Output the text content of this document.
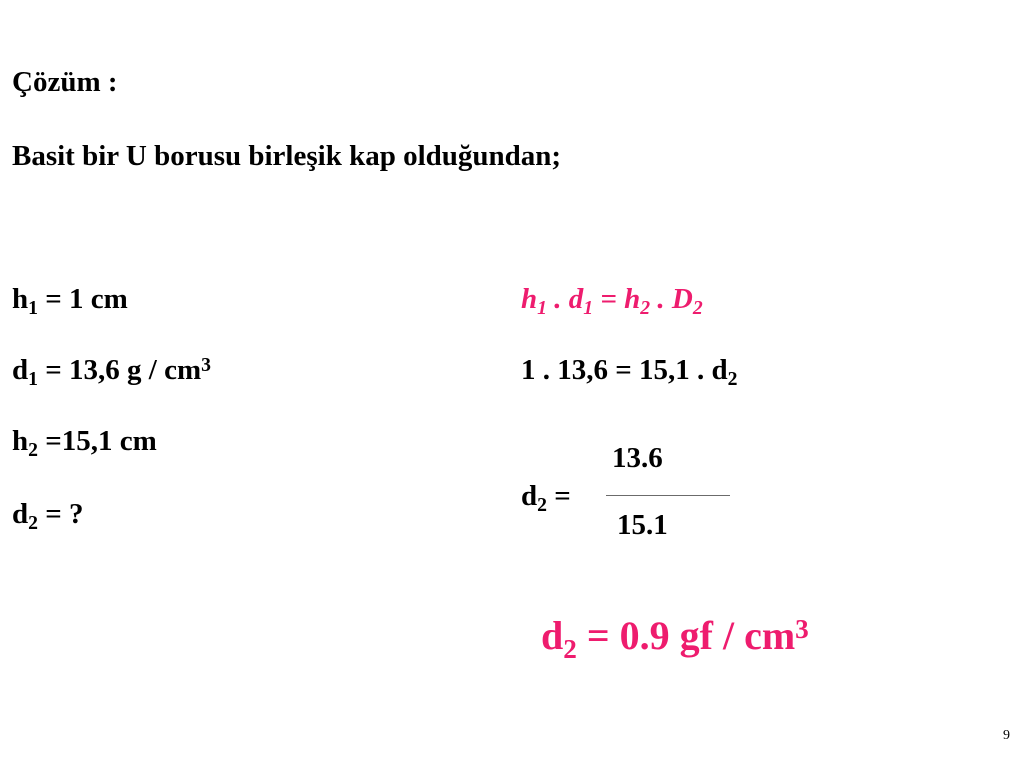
Çözüm :
Basit bir U borusu birleşik kap olduğundan;
$h_1 = 1$ cm
$d_1 = 13,6$ g / $cm^3$
$h_2 =15,1$ cm
$d_2$ = ?
$h_1$ . $d_1 = h_2$ . $D_2$
1 . 13,6 = 15,1 . $d_2$
13.6
$d_2$ =
15.1
$d_2 = 0.9$ gf / $cm^3$
9
